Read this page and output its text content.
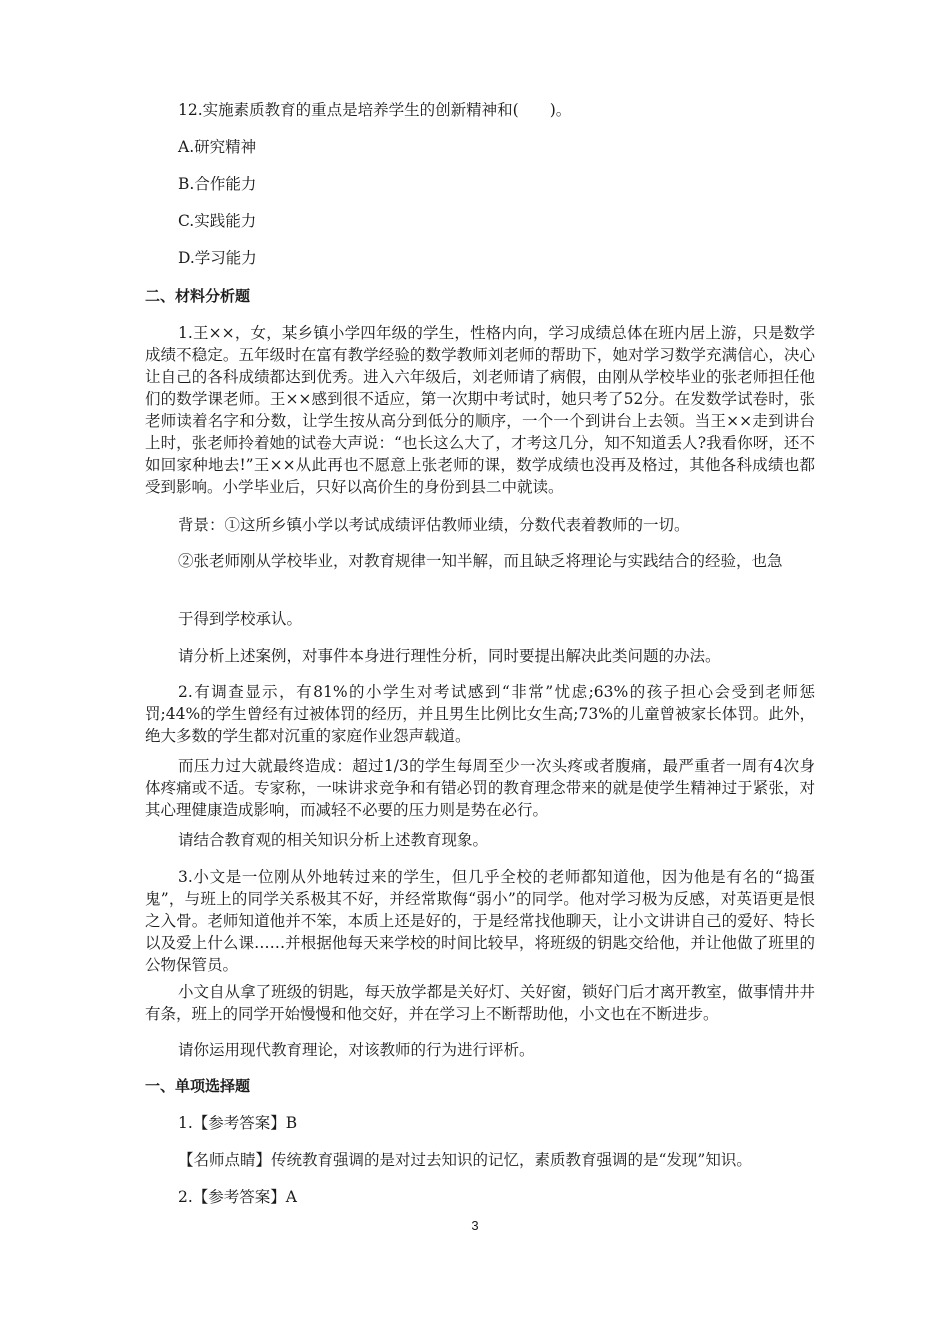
12.实施素质教育的重点是培养学生的创新精神和(　　)。
A.研究精神
B.合作能力
C.实践能力
D.学习能力
二、材料分析题
1.王××，女，某乡镇小学四年级的学生，性格内向，学习成绩总体在班内居上游，只是数学成绩不稳定。五年级时在富有教学经验的数学教师刘老师的帮助下，她对学习数学充满信心，决心让自己的各科成绩都达到优秀。进入六年级后，刘老师请了病假，由刚从学校毕业的张老师担任他们的数学课老师。王××感到很不适应，第一次期中考试时，她只考了52分。在发数学试卷时，张老师读着名字和分数，让学生按从高分到低分的顺序，一个一个到讲台上去领。当王××走到讲台上时，张老师拎着她的试卷大声说：“也长这么大了，才考这几分，知不知道丢人?我看你呀，还不如回家种地去!”王××从此再也不愿意上张老师的课，数学成绩也没再及格过，其他各科成绩也都受到影响。小学毕业后，只好以高价生的身份到县二中就读。
背景：①这所乡镇小学以考试成绩评估教师业绩，分数代表着教师的一切。
②张老师刚从学校毕业，对教育规律一知半解，而且缺乏将理论与实践结合的经验，也急
于得到学校承认。
请分析上述案例，对事件本身进行理性分析，同时要提出解决此类问题的办法。
2.有调查显示，有81%的小学生对考试感到“非常”忧虑;63%的孩子担心会受到老师惩罚;44%的学生曾经有过被体罚的经历，并且男生比例比女生高;73%的儿童曾被家长体罚。此外，绝大多数的学生都对沉重的家庭作业怨声载道。
而压力过大就最终造成：超过1/3的学生每周至少一次头疼或者腹痛，最严重者一周有4次身体疼痛或不适。专家称，一味讲求竞争和有错必罚的教育理念带来的就是使学生精神过于紧张，对其心理健康造成影响，而减轻不必要的压力则是势在必行。
请结合教育观的相关知识分析上述教育现象。
3.小文是一位刚从外地转过来的学生，但几乎全校的老师都知道他，因为他是有名的“捣蛋鬼”，与班上的同学关系极其不好，并经常欺侮“弱小”的同学。他对学习极为反感，对英语更是恨之入骨。老师知道他并不笨，本质上还是好的，于是经常找他聊天，让小文讲讲自己的爱好、特长以及爱上什么课……并根据他每天来学校的时间比较早，将班级的钥匙交给他，并让他做了班里的公物保管员。
小文自从拿了班级的钥匙，每天放学都是关好灯、关好窗，锁好门后才离开教室，做事情井井有条，班上的同学开始慢慢和他交好，并在学习上不断帮助他，小文也在不断进步。
请你运用现代教育理论，对该教师的行为进行评析。
一、单项选择题
1.【参考答案】B
【名师点睛】传统教育强调的是对过去知识的记忆，素质教育强调的是“发现”知识。
2.【参考答案】A
3
